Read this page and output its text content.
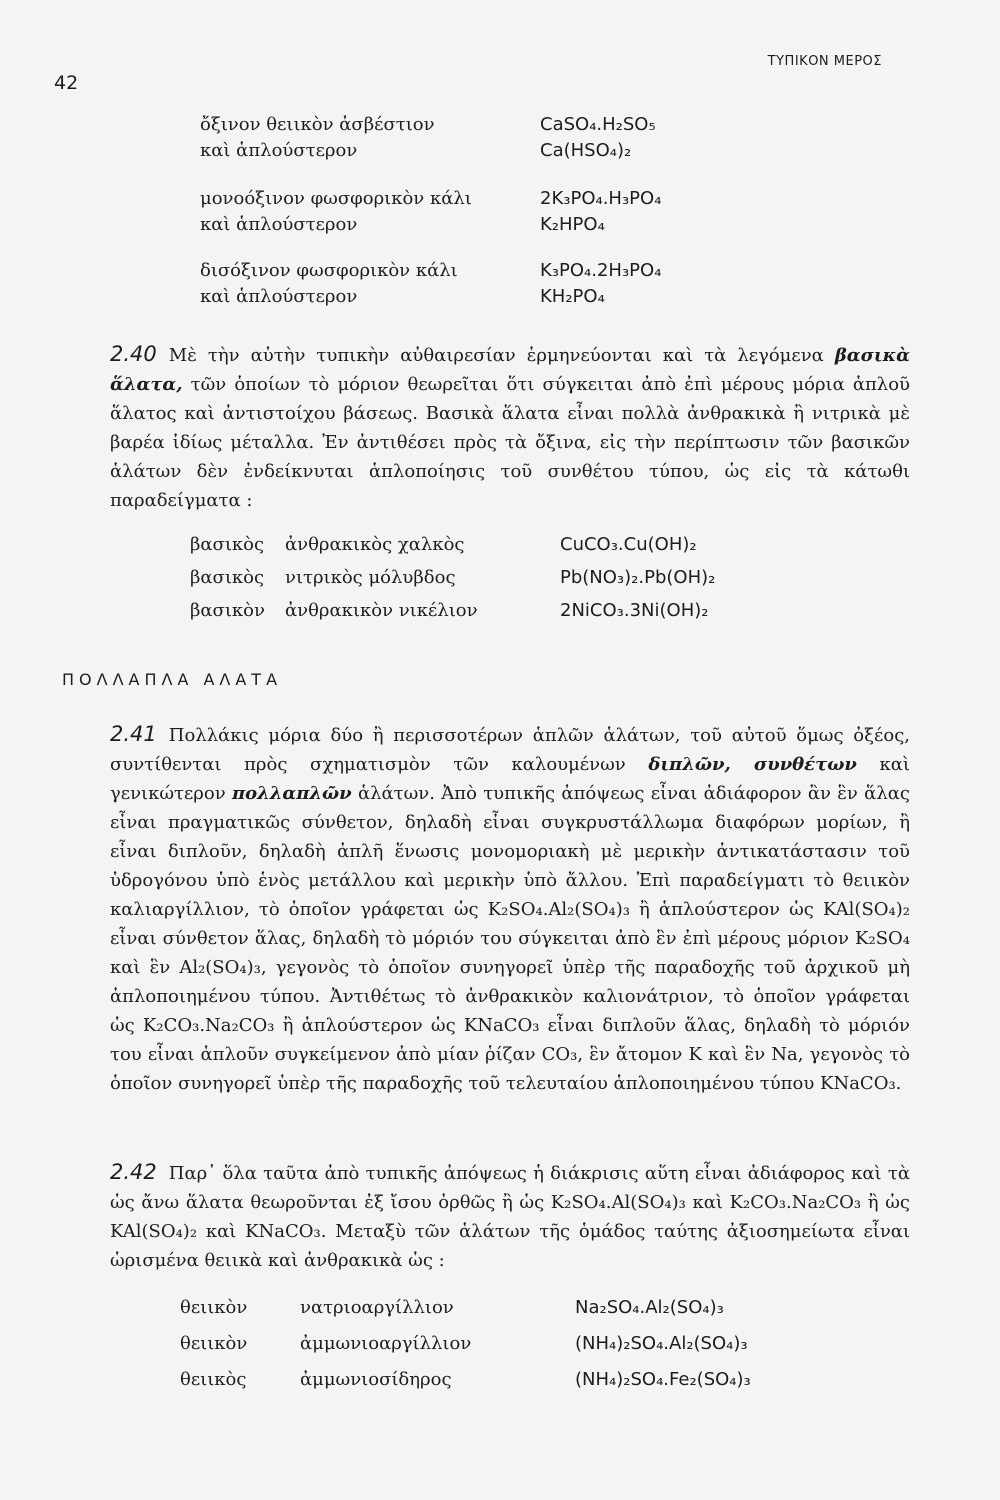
42
ΤΥΠΙΚΟΝ ΜΕΡΟΣ
ὄξινον θειικὸν ἀσβέστιον	CaSO₄.H₂SO₅
καὶ ἁπλούστερον	Ca(HSO₄)₂
μονοόξινον φωσφορικὸν κάλι	2K₃PO₄.H₃PO₄
καὶ ἁπλούστερον	K₂HPO₄
δισόξινον φωσφορικὸν κάλι	K₃PO₄.2H₃PO₄
καὶ ἁπλούστερον	KH₂PO₄
2.40 Μὲ τὴν αὐτὴν τυπικὴν αὐθαιρεσίαν ἑρμηνεύονται καὶ τὰ λεγόμενα βασικὰ ἅλατα, τῶν ὁποίων τὸ μόριον θεωρεῖται ὅτι σύγκειται ἀπὸ ἐπὶ μέρους μόρια ἁπλοῦ ἅλατος καὶ ἀντιστοίχου βάσεως. Βασικὰ ἅλατα εἶναι πολλὰ ἀνθρακικὰ ἢ νιτρικὰ μὲ βαρέα ἰδίως μέταλλα. Ἐν ἀντιθέσει πρὸς τὰ ὄξινα, εἰς τὴν περίπτωσιν τῶν βασικῶν ἁλάτων δὲν ἐνδείκνυται ἁπλοποίησις τοῦ συνθέτου τύπου, ὡς εἰς τὰ κάτωθι παραδείγματα :
βασικὸς	ἀνθρακικὸς χαλκὸς	CuCO₃.Cu(OH)₂
βασικὸς	νιτρικὸς μόλυβδος	Pb(NO₃)₂.Pb(OH)₂
βασικὸν	ἀνθρακικὸν νικέλιον	2NiCO₃.3Ni(OH)₂
ΠΟΛΛΑΠΛΑ ΑΛΑΤΑ
2.41 Πολλάκις μόρια δύο ἢ περισσοτέρων ἁπλῶν ἁλάτων, τοῦ αὐτοῦ ὅμως ὀξέος, συντίθενται πρὸς σχηματισμὸν τῶν καλουμένων διπλῶν, συνθέτων καὶ γενικώτερον πολλαπλῶν ἁλάτων. Ἀπὸ τυπικῆς ἀπόψεως εἶναι ἀδιάφορον ἂν ἓν ἅλας εἶναι πραγματικῶς σύνθετον, δηλαδὴ εἶναι συγκρυστάλλωμα διαφόρων μορίων, ἢ εἶναι διπλοῦν, δηλαδὴ ἁπλῆ ἕνωσις μονομοριακὴ μὲ μερικὴν ἀντικατάστασιν τοῦ ὑδρογόνου ὑπὸ ἑνὸς μετάλλου καὶ μερικὴν ὑπὸ ἄλλου. Ἐπὶ παραδείγματι τὸ θειικὸν καλιαργίλλιον, τὸ ὁποῖον γράφεται ὡς K₂SO₄.Al₂(SO₄)₃ ἢ ἁπλούστερον ὡς KAl(SO₄)₂ εἶναι σύνθετον ἅλας, δηλαδὴ τὸ μόριόν του σύγκειται ἀπὸ ἓν ἐπὶ μέρους μόριον K₂SO₄ καὶ ἓν Al₂(SO₄)₃, γεγονὸς τὸ ὁποῖον συνηγορεῖ ὑπὲρ τῆς παραδοχῆς τοῦ ἀρχικοῦ μὴ ἁπλοποιημένου τύπου. Ἀντιθέτως τὸ ἀνθρακικὸν καλιονάτριον, τὸ ὁποῖον γράφεται ὡς K₂CO₃.Na₂CO₃ ἢ ἁπλούστερον ὡς KNaCO₃ εἶναι διπλοῦν ἅλας, δηλαδὴ τὸ μόριόν του εἶναι ἁπλοῦν συγκείμενον ἀπὸ μίαν ῥίζαν CO₃, ἓν ἄτομον K καὶ ἓν Na, γεγονὸς τὸ ὁποῖον συνηγορεῖ ὑπὲρ τῆς παραδοχῆς τοῦ τελευταίου ἁπλοποιημένου τύπου KNaCO₃.
2.42 Παρ᾽ ὅλα ταῦτα ἀπὸ τυπικῆς ἀπόψεως ἡ διάκρισις αὕτη εἶναι ἀδιάφορος καὶ τὰ ὡς ἄνω ἅλατα θεωροῦνται ἐξ ἴσου ὀρθῶς ἢ ὡς K₂SO₄.Al(SO₄)₃ καὶ K₂CO₃.Na₂CO₃ ἢ ὡς KAl(SO₄)₂ καὶ KNaCO₃. Μεταξὺ τῶν ἁλάτων τῆς ὁμάδος ταύτης ἀξιοσημείωτα εἶναι ὡρισμένα θειικὰ καὶ ἀνθρακικὰ ὡς :
θειικὸν	νατριοαργίλλιον	Na₂SO₄.Al₂(SO₄)₃
θειικὸν	ἀμμωνιοαργίλλιον	(NH₄)₂SO₄.Al₂(SO₄)₃
θειικὸς	ἀμμωνιοσίδηρος	(NH₄)₂SO₄.Fe₂(SO₄)₃
